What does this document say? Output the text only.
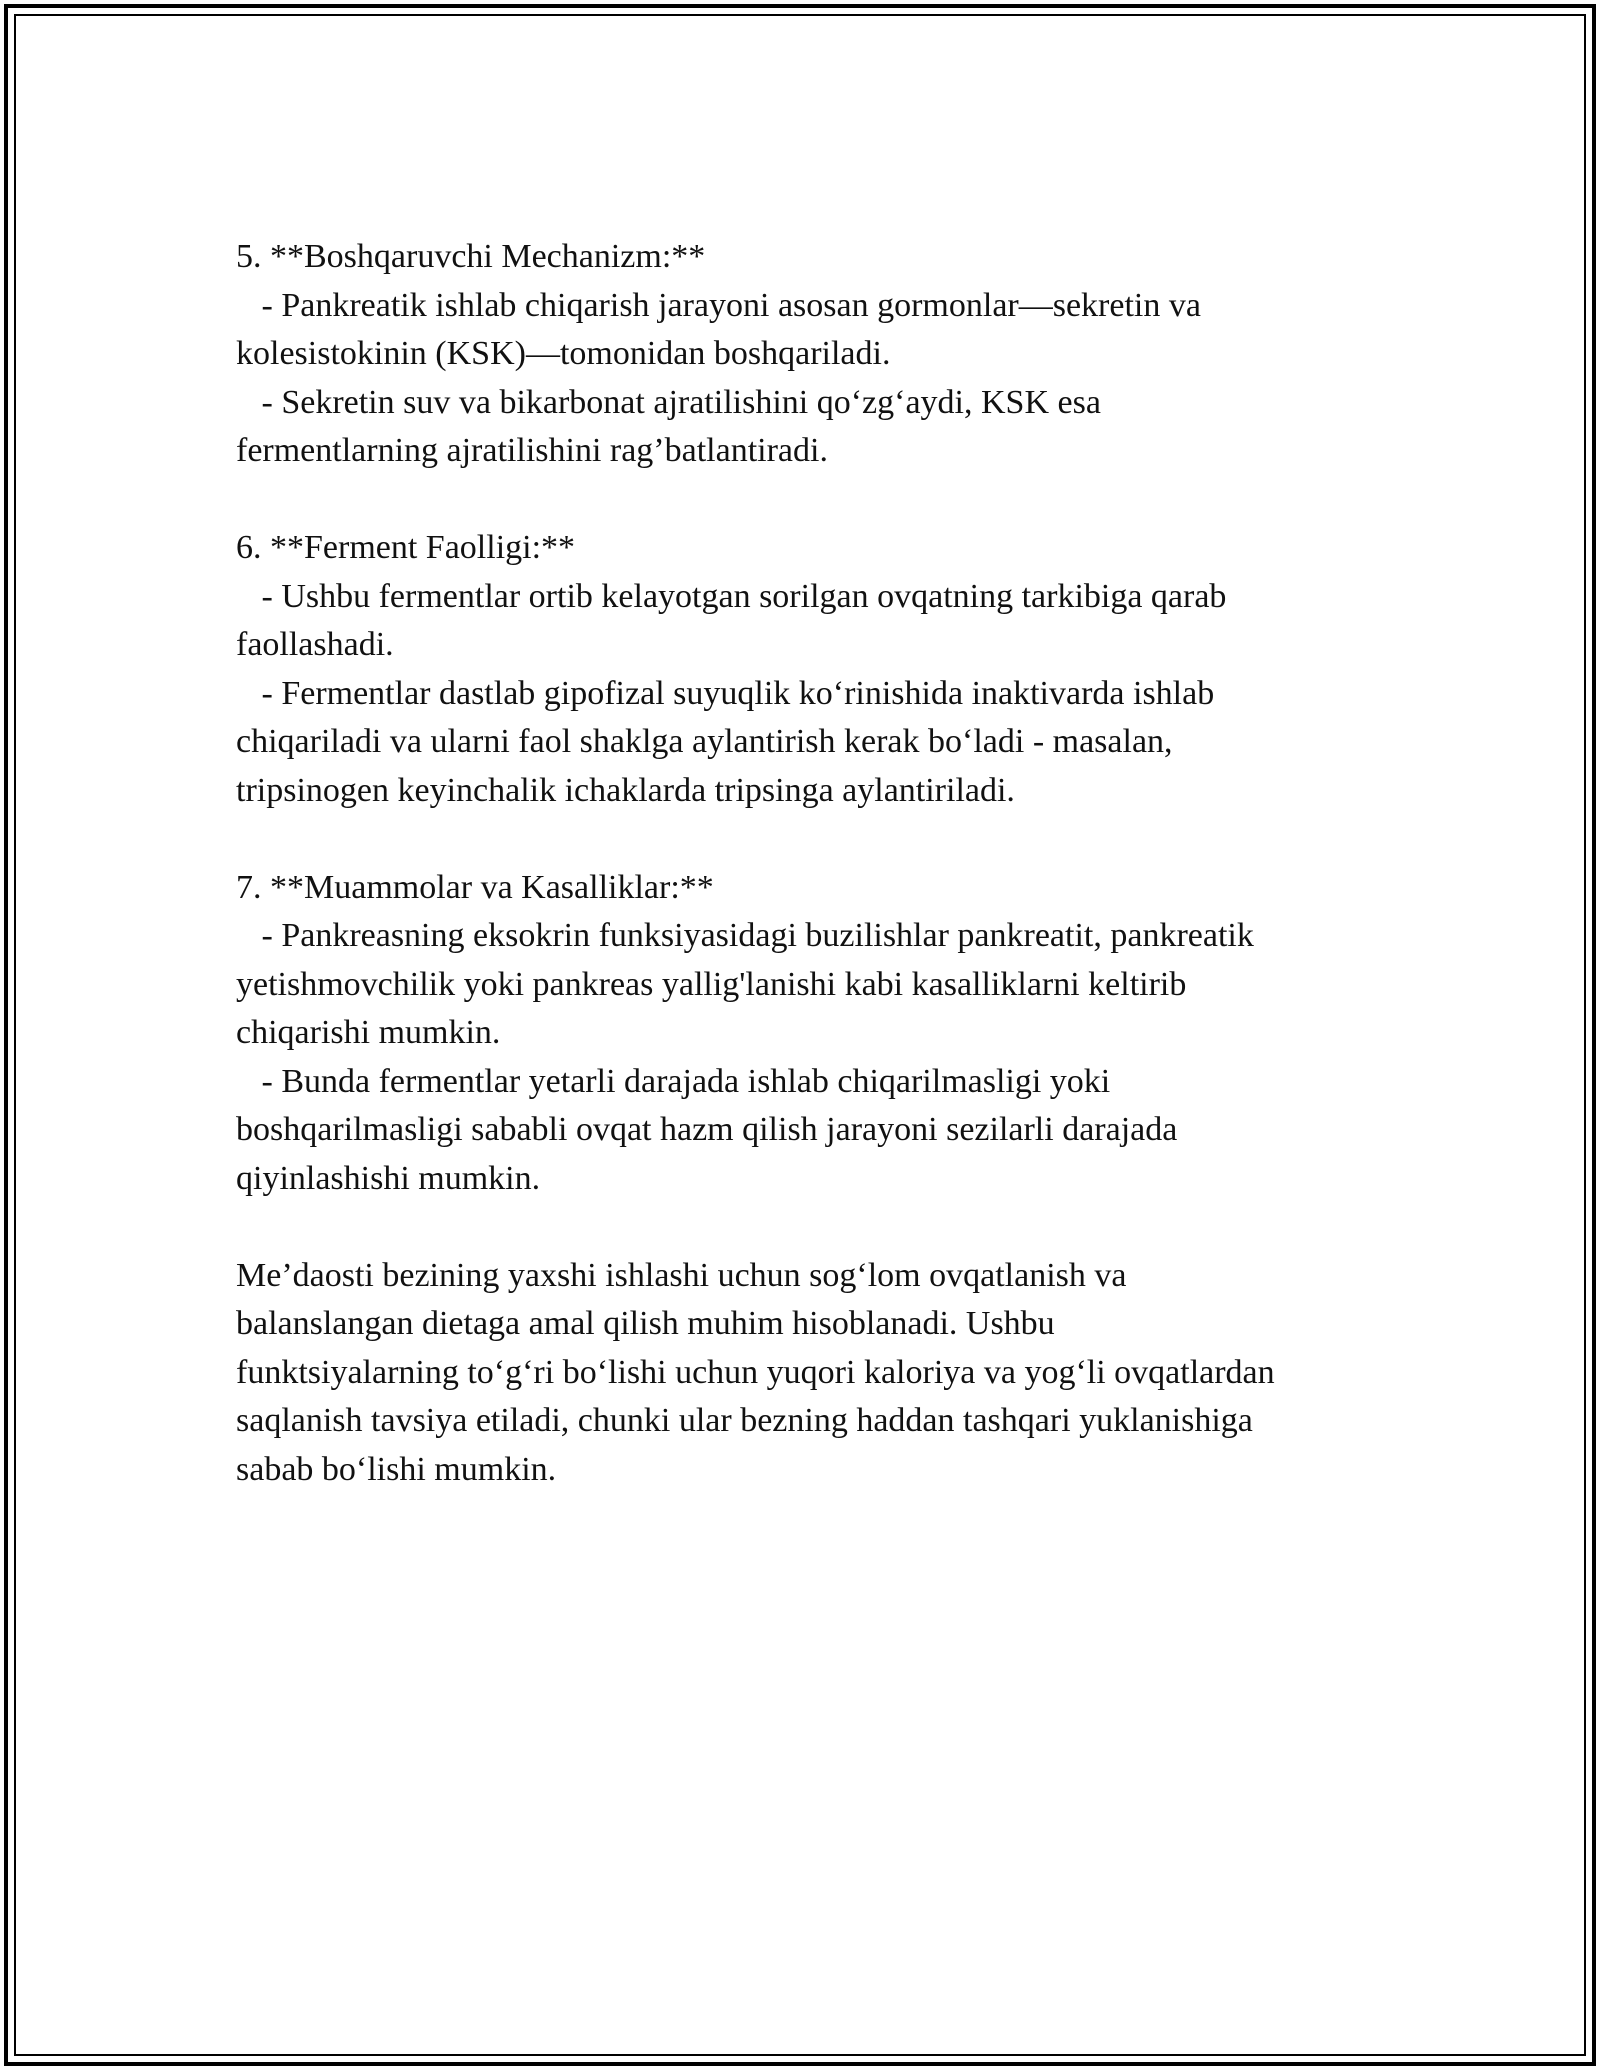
5. **Boshqaruvchi Mechanizm:**
- Pankreatik ishlab chiqarish jarayoni asosan gormonlar—sekretin va
kolesistokinin (KSK)—tomonidan boshqariladi.
- Sekretin suv va bikarbonat ajratilishini qo‘zg‘aydi, KSK esa
fermentlarning ajratilishini rag’batlantiradi.
6. **Ferment Faolligi:**
- Ushbu fermentlar ortib kelayotgan sorilgan ovqatning tarkibiga qarab
faollashadi.
- Fermentlar dastlab gipofizal suyuqlik ko‘rinishida inaktivarda ishlab
chiqariladi va ularni faol shaklga aylantirish kerak bo‘ladi - masalan,
tripsinogen keyinchalik ichaklarda tripsinga aylantiriladi.
7. **Muammolar va Kasalliklar:**
- Pankreasning eksokrin funksiyasidagi buzilishlar pankreatit, pankreatik
yetishmovchilik yoki pankreas yallig'lanishi kabi kasalliklarni keltirib
chiqarishi mumkin.
- Bunda fermentlar yetarli darajada ishlab chiqarilmasligi yoki
boshqarilmasligi sababli ovqat hazm qilish jarayoni sezilarli darajada
qiyinlashishi mumkin.
Me’daosti bezining yaxshi ishlashi uchun sog‘lom ovqatlanish va
balanslangan dietaga amal qilish muhim hisoblanadi. Ushbu
funktsiyalarning to‘g‘ri bo‘lishi uchun yuqori kaloriya va yog‘li ovqatlardan
saqlanish tavsiya etiladi, chunki ular bezning haddan tashqari yuklanishiga
sabab bo‘lishi mumkin.
